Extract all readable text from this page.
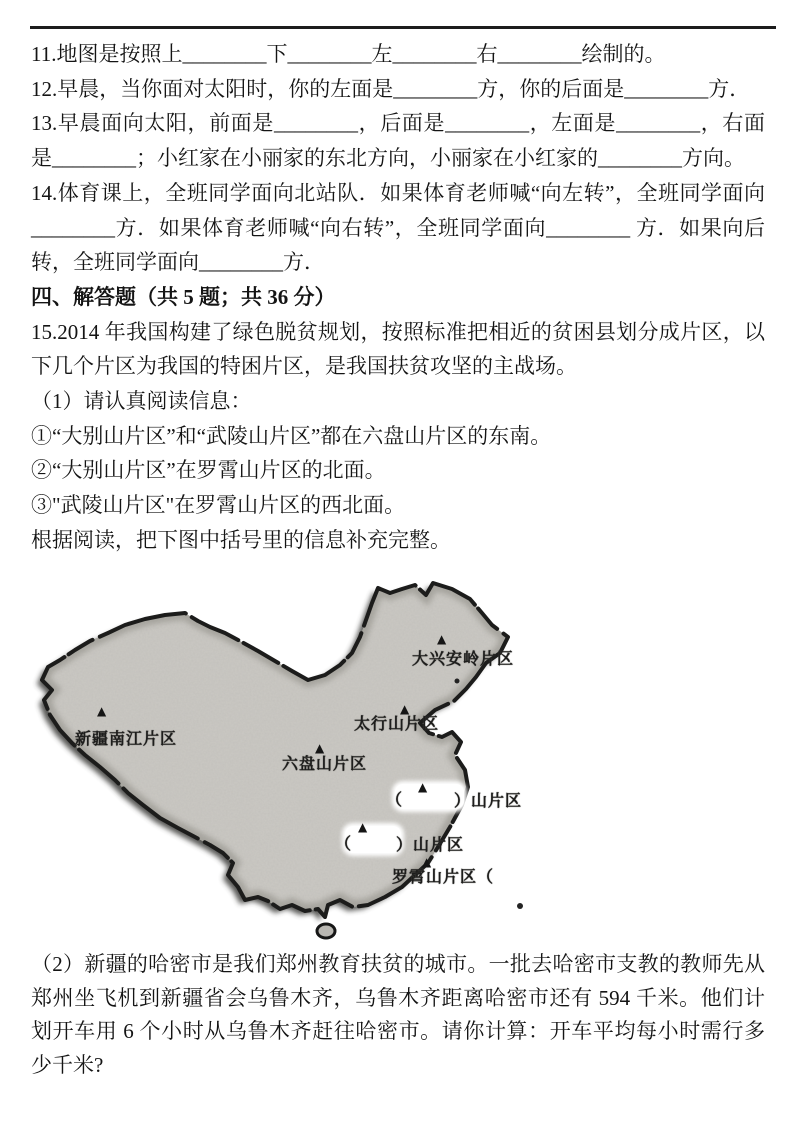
11.地图是按照上________下________左________右________绘制的。

12.早晨，当你面对太阳时，你的左面是________方，你的后面是________方．

13.早晨面向太阳，前面是________，后面是________，左面是________，右面是________；小红家在小丽家的东北方向，小丽家在小红家的________方向。

14.体育课上，全班同学面向北站队．如果体育老师喊“向左转”，全班同学面向________方．如果体育老师喊“向右转”，全班同学面向________ 方．如果向后转，全班同学面向________方．

四、解答题（共 5 题；共 36 分）

15.2014 年我国构建了绿色脱贫规划，按照标准把相近的贫困县划分成片区，以下几个片区为我国的特困片区，是我国扶贫攻坚的主战场。

（1）请认真阅读信息：

①“大别山片区”和“武陵山片区”都在六盘山片区的东南。

②“大别山片区”在罗霄山片区的北面。

③"武陵山片区"在罗霄山片区的西北面。

根据阅读，把下图中括号里的信息补充完整。

▲
▲	▲
▲
▲
▲
▲
大兴安岭片区
新疆南江片区
太行山片区
六盘山片区
（	）山片区
（	）山片区
罗霄山片区（

（2）新疆的哈密市是我们郑州教育扶贫的城市。一批去哈密市支教的教师先从郑州坐飞机到新疆省会乌鲁木齐，乌鲁木齐距离哈密市还有 594 千米。他们计划开车用 6 个小时从乌鲁木齐赶往哈密市。请你计算：开车平均每小时需行多少千米?
